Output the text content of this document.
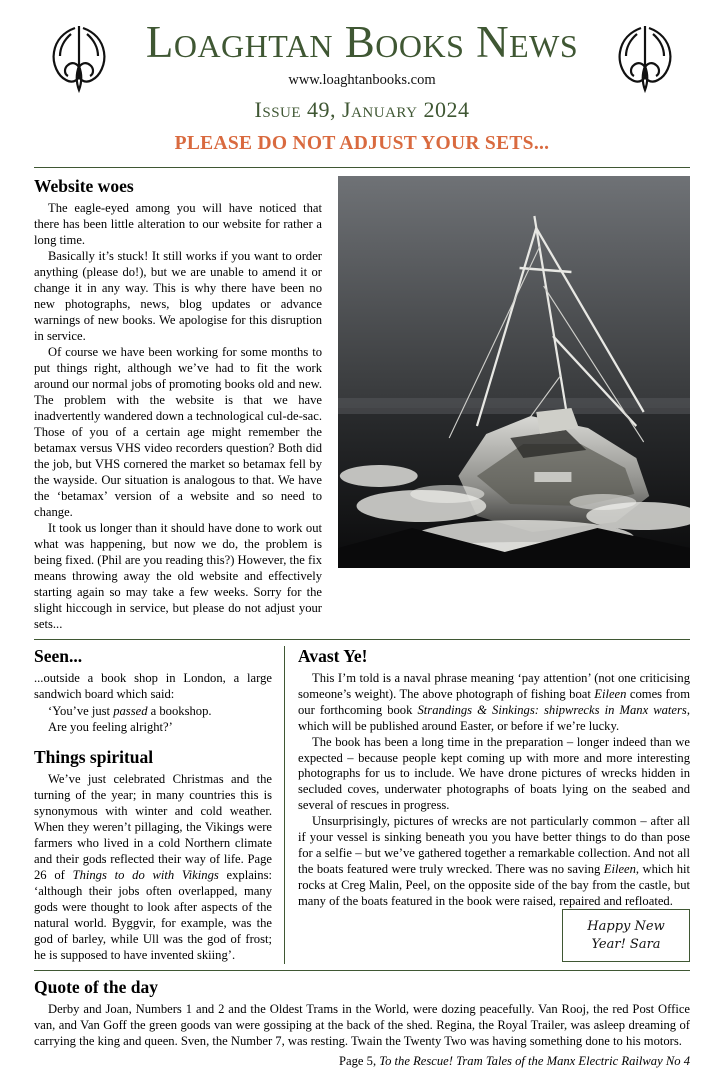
Loaghtan Books News
www.loaghtanbooks.com
Issue 49, January 2024
PLEASE DO NOT ADJUST YOUR SETS...
Website woes

The eagle-eyed among you will have noticed that there has been little alteration to our website for rather a long time.

Basically it’s stuck! It still works if you want to order anything (please do!), but we are unable to amend it or change it in any way. This is why there have been no new photographs, news, blog updates or advance warnings of new books. We apologise for this disruption in service.

Of course we have been working for some months to put things right, although we’ve had to fit the work around our normal jobs of promoting books old and new. The problem with the website is that we have inadvertently wandered down a technological cul-de-sac. Those of you of a certain age might remember the betamax versus VHS video recorders question? Both did the job, but VHS cornered the market so betamax fell by the wayside. Our situation is analogous to that. We have the ‘betamax’ version of a website and so need to change.

It took us longer than it should have done to work out what was happening, but now we do, the problem is being fixed. (Phil are you reading this?) However, the fix means throwing away the old website and effectively starting again so may take a few weeks. Sorry for the slight hiccough in service, but please do not adjust your sets...

Seen...

...outside a book shop in London, a large sandwich board which said:

‘You’ve just passed a bookshop.

Are you feeling alright?’

Things spiritual

We’ve just celebrated Christmas and the turning of the year; in many countries this is synonymous with winter and cold weather. When they weren’t pillaging, the Vikings were farmers who lived in a cold Northern climate and their gods reflected their way of life. Page 26 of Things to do with Vikings explains: ‘although their jobs often overlapped, many gods were thought to look after aspects of the natural world. Byggvir, for example, was the god of barley, while Ull was the god of frost; he is supposed to have invented skiing’.

Avast Ye!

This I’m told is a naval phrase meaning ‘pay attention’ (not one criticising someone’s weight). The above photograph of fishing boat Eileen comes from our forthcoming book Strandings & Sinkings: shipwrecks in Manx waters, which will be published around Easter, or before if we’re lucky.

The book has been a long time in the preparation – longer indeed than we expected – because people kept coming up with more and more interesting photographs for us to include. We have drone pictures of wrecks hidden in secluded coves, underwater photographs of boats lying on the seabed and several of rescues in progress.

Unsurprisingly, pictures of wrecks are not particularly common – after all if your vessel is sinking beneath you you have better things to do than pose for a selfie – but we’ve gathered together a remarkable collection. And not all the boats featured were truly wrecked. There was no saving Eileen, which hit rocks at Creg Malin, Peel, on the opposite side of the bay from the castle, but many of the boats featured in the book were raised, repaired and refloated.

Happy New
Year! Sara
Quote of the day

Derby and Joan, Numbers 1 and 2 and the Oldest Trams in the World, were dozing peacefully. Van Rooj, the red Post Office van, and Van Goff the green goods van were gossiping at the back of the shed. Regina, the Royal Trailer, was asleep dreaming of carrying the king and queen. Sven, the Number 7, was resting. Twain the Twenty Two was having something done to his motors.

Page 5, To the Rescue! Tram Tales of the Manx Electric Railway No 4
